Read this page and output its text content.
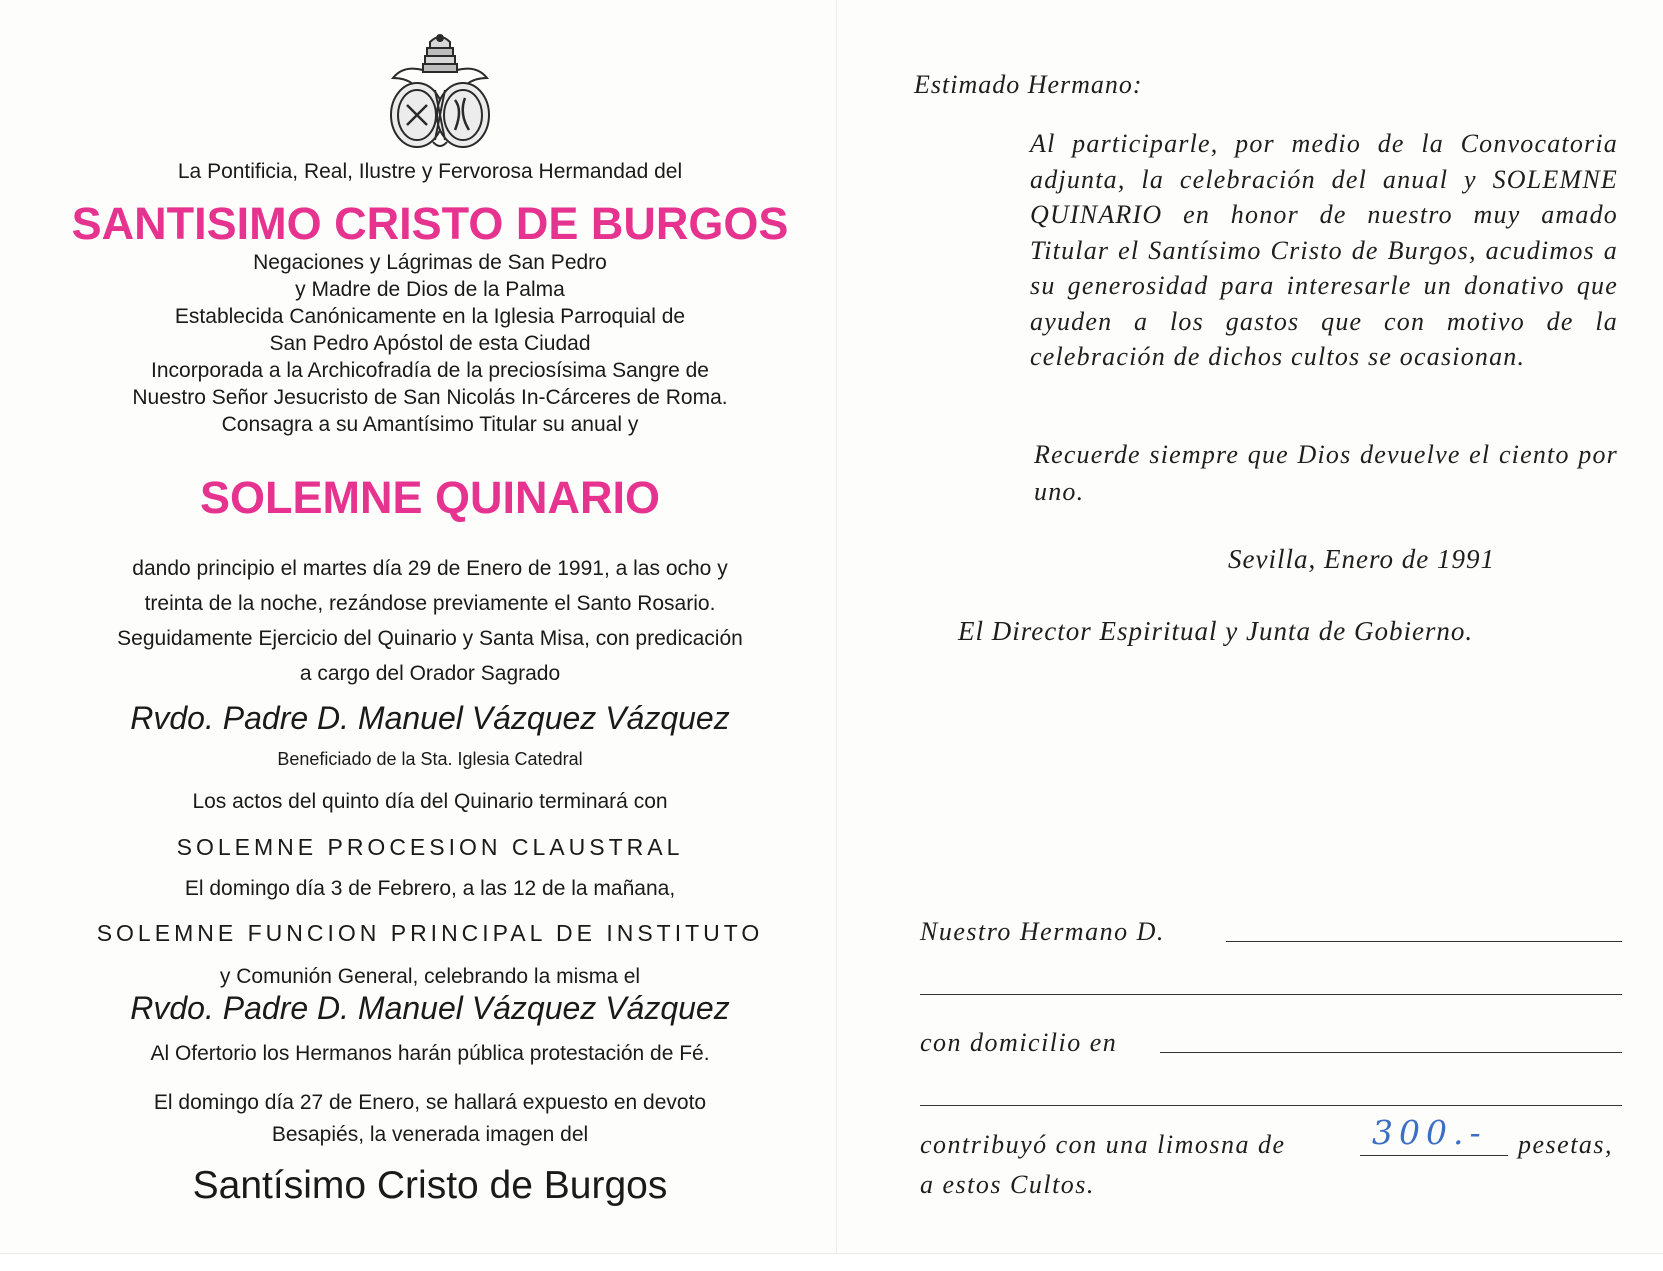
La Pontificia, Real, Ilustre y Fervorosa Hermandad del
SANTISIMO CRISTO DE BURGOS
Negaciones y Lágrimas de San Pedro
y Madre de Dios de la Palma
Establecida Canónicamente en la Iglesia Parroquial de
San Pedro Apóstol de esta Ciudad
Incorporada a la Archicofradía de la preciosísima Sangre de
Nuestro Señor Jesucristo de San Nicolás In-Cárceres de Roma.
Consagra a su Amantísimo Titular su anual y
SOLEMNE QUINARIO
dando principio el martes día 29 de Enero de 1991, a las ocho y
treinta de la noche, rezándose previamente el Santo Rosario.
Seguidamente Ejercicio del Quinario y Santa Misa, con predicación
a cargo del Orador Sagrado
Rvdo. Padre D. Manuel Vázquez Vázquez
Beneficiado de la Sta. Iglesia Catedral
Los actos del quinto día del Quinario terminará con
SOLEMNE PROCESION CLAUSTRAL
El domingo día 3 de Febrero, a las 12 de la mañana,
SOLEMNE FUNCION PRINCIPAL DE INSTITUTO
y Comunión General, celebrando la misma el
Rvdo. Padre D. Manuel Vázquez Vázquez
Al Ofertorio los Hermanos harán pública protestación de Fé.
El domingo día 27 de Enero, se hallará expuesto en devoto
Besapiés, la venerada imagen del
Santísimo Cristo de Burgos
Estimado Hermano:

Al participarle, por medio de la Convocatoria adjunta, la celebración del anual y SOLEMNE QUINARIO en honor de nuestro muy amado Titular el Santísimo Cristo de Burgos, acudimos a su generosidad para interesarle un donativo que ayuden a los gastos que con motivo de la celebración de dichos cultos se ocasionan.

Recuerde siempre que Dios devuelve el ciento por uno.

Sevilla, Enero de 1991
El Director Espiritual y Junta de Gobierno.
Nuestro Hermano D.
con domicilio en
contribuyó con una limosna de	300.- pesetas,
a estos Cultos.
